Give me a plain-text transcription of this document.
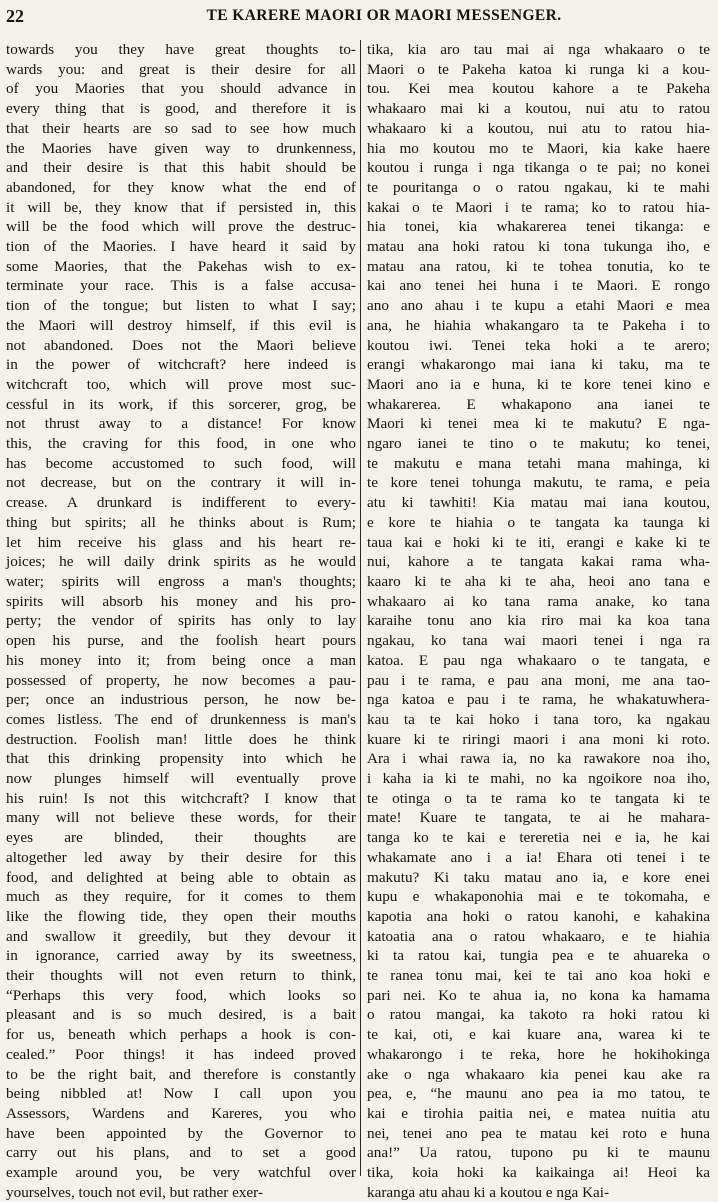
22	TE KARERE MAORI OR MAORI MESSENGER.
towards you they have great thoughts to-
wards you: and great is their desire for all
of you Maories that you should advance in
every thing that is good, and therefore it is
that their hearts are so sad to see how much
the Maories have given way to drunkenness,
and their desire is that this habit should be
abandoned, for they know what the end of
it will be, they know that if persisted in, this
will be the food which will prove the destruc-
tion of the Maories. I have heard it said by
some Maories, that the Pakehas wish to ex-
terminate your race. This is a false accusa-
tion of the tongue; but listen to what I say;
the Maori will destroy himself, if this evil is
not abandoned. Does not the Maori believe
in the power of witchcraft? here indeed is
witchcraft too, which will prove most suc-
cessful in its work, if this sorcerer, grog, be
not thrust away to a distance! For know
this, the craving for this food, in one who
has become accustomed to such food, will
not decrease, but on the contrary it will in-
crease. A drunkard is indifferent to every-
thing but spirits; all he thinks about is Rum;
let him receive his glass and his heart re-
joices; he will daily drink spirits as he would
water; spirits will engross a man's thoughts;
spirits will absorb his money and his pro-
perty; the vendor of spirits has only to lay
open his purse, and the foolish heart pours
his money into it; from being once a man
possessed of property, he now becomes a pau-
per; once an industrious person, he now be-
comes listless. The end of drunkenness is man's
destruction. Foolish man! little does he think
that this drinking propensity into which he
now plunges himself will eventually prove
his ruin! Is not this witchcraft? I know that
many will not believe these words, for their
eyes are blinded, their thoughts are
altogether led away by their desire for this
food, and delighted at being able to obtain as
much as they require, for it comes to them
like the flowing tide, they open their mouths
and swallow it greedily, but they devour it
in ignorance, carried away by its sweetness,
their thoughts will not even return to think,
“Perhaps this very food, which looks so
pleasant and is so much desired, is a bait
for us, beneath which perhaps a hook is con-
cealed.” Poor things! it has indeed proved
to be the right bait, and therefore is constantly
being nibbled at! Now I call upon you
Assessors, Wardens and Kareres, you who
have been appointed by the Governor to
carry out his plans, and to set a good
example around you, be very watchful over
yourselves, touch not evil, but rather exer-
tika, kia aro tau mai ai nga whakaaro o te
Maori o te Pakeha katoa ki runga ki a kou-
tou. Kei mea koutou kahore a te Pakeha
whakaaro mai ki a koutou, nui atu to ratou
whakaaro ki a koutou, nui atu to ratou hia-
hia mo koutou mo te Maori, kia kake haere
koutou i runga i nga tikanga o te pai; no konei
te pouritanga o o ratou ngakau, ki te mahi
kakai o te Maori i te rama; ko to ratou hia-
hia tonei, kia whakarerea tenei tikanga: e
matau ana hoki ratou ki tona tukunga iho, e
matau ana ratou, ki te tohea tonutia, ko te
kai ano tenei hei huna i te Maori. E rongo
ano ano ahau i te kupu a etahi Maori e mea
ana, he hiahia whakangaro ta te Pakeha i to
koutou iwi. Tenei teka hoki a te arero;
erangi whakarongo mai iana ki taku, ma te
Maori ano ia e huna, ki te kore tenei kino e
whakarerea. E whakapono ana ianei te
Maori ki tenei mea ki te makutu? E nga-
ngaro ianei te tino o te makutu; ko tenei,
te makutu e mana tetahi mana mahinga, ki
te kore tenei tohunga makutu, te rama, e peia
atu ki tawhiti! Kia matau mai iana koutou,
e kore te hiahia o te tangata ka taunga ki
taua kai e hoki ki te iti, erangi e kake ki te
nui, kahore a te tangata kakai rama wha-
kaaro ki te aha ki te aha, heoi ano tana e
whakaaro ai ko tana rama anake, ko tana
karaihe tonu ano kia riro mai ka koa tana
ngakau, ko tana wai maori tenei i nga ra
katoa. E pau nga whakaaro o te tangata, e
pau i te rama, e pau ana moni, me ana tao-
nga katoa e pau i te rama, he whakatuwhera-
kau ta te kai hoko i tana toro, ka ngakau
kuare ki te riringi maori i ana moni ki roto.
Ara i whai rawa ia, no ka rawakore noa iho,
i kaha ia ki te mahi, no ka ngoikore noa iho,
te otinga o ta te rama ko te tangata ki te
mate! Kuare te tangata, te ai he mahara-
tanga ko te kai e tereretia nei e ia, he kai
whakamate ano i a ia! Ehara oti tenei i te
makutu? Ki taku matau ano ia, e kore enei
kupu e whakaponohia mai e te tokomaha, e
kapotia ana hoki o ratou kanohi, e kahakina
katoatia ana o ratou whakaaro, e te hiahia
ki ta ratou kai, tungia pea e te ahuareka o
te ranea tonu mai, kei te tai ano koa hoki e
pari nei. Ko te ahua ia, no kona ka hamama
o ratou mangai, ka takoto ra hoki ratou ki
te kai, oti, e kai kuare ana, warea ki te
whakarongo i te reka, hore he hokihokinga
ake o nga whakaaro kia penei kau ake ra
pea, e, “he maunu ano pea ia mo tatou, te
kai e tirohia paitia nei, e matea nuitia atu
nei, tenei ano pea te matau kei roto e huna
ana!” Ua ratou, tupono pu ki te maunu
tika, koia hoki ka kaikainga ai! Heoi ka
karanga atu ahau ki a koutou e nga Kai-
